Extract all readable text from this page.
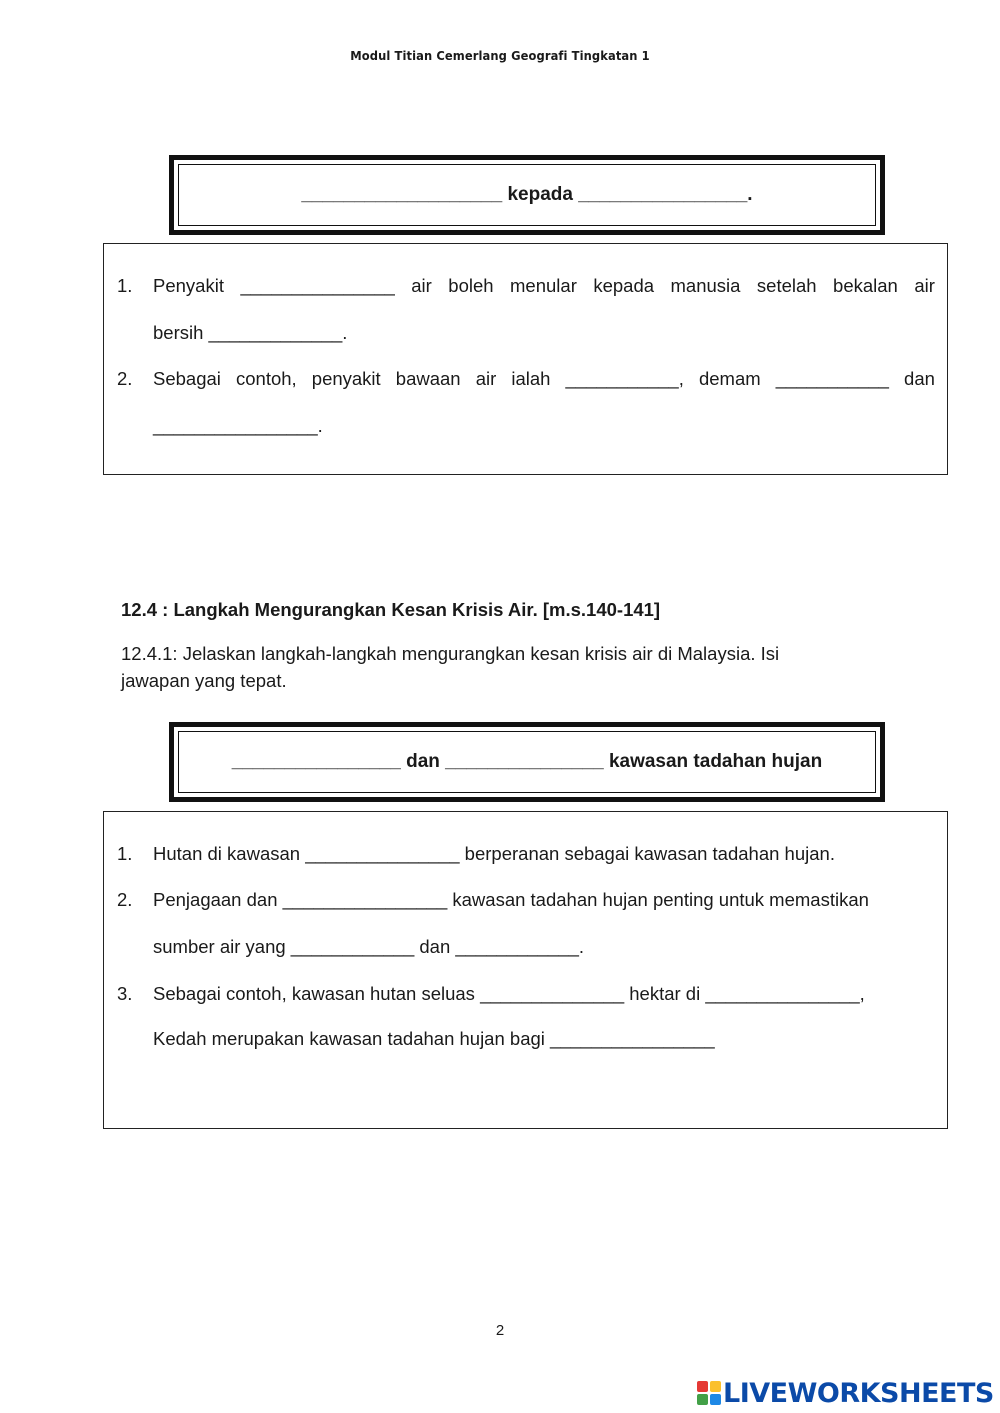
Modul Titian Cemerlang Geografi Tingkatan 1
___________________ kepada ________________.
1.	Penyakit _______________ air boleh menular kepada manusia setelah bekalan air
bersih _____________.
2.	Sebagai contoh, penyakit bawaan air ialah ___________, demam ___________ dan
________________.
12.4 : Langkah Mengurangkan Kesan Krisis Air. [m.s.140-141]
12.4.1: Jelaskan langkah-langkah mengurangkan kesan krisis air di Malaysia. Isi
jawapan yang tepat.
________________ dan _______________ kawasan tadahan hujan
1. Hutan di kawasan _______________ berperanan sebagai kawasan tadahan hujan.
2. Penjagaan dan ________________ kawasan tadahan hujan penting untuk memastikan
sumber air yang ____________ dan ____________.
3. Sebagai contoh, kawasan hutan seluas ______________ hektar di _______________,
Kedah merupakan kawasan tadahan hujan bagi ________________
2
LIVEWORKSHEETS
